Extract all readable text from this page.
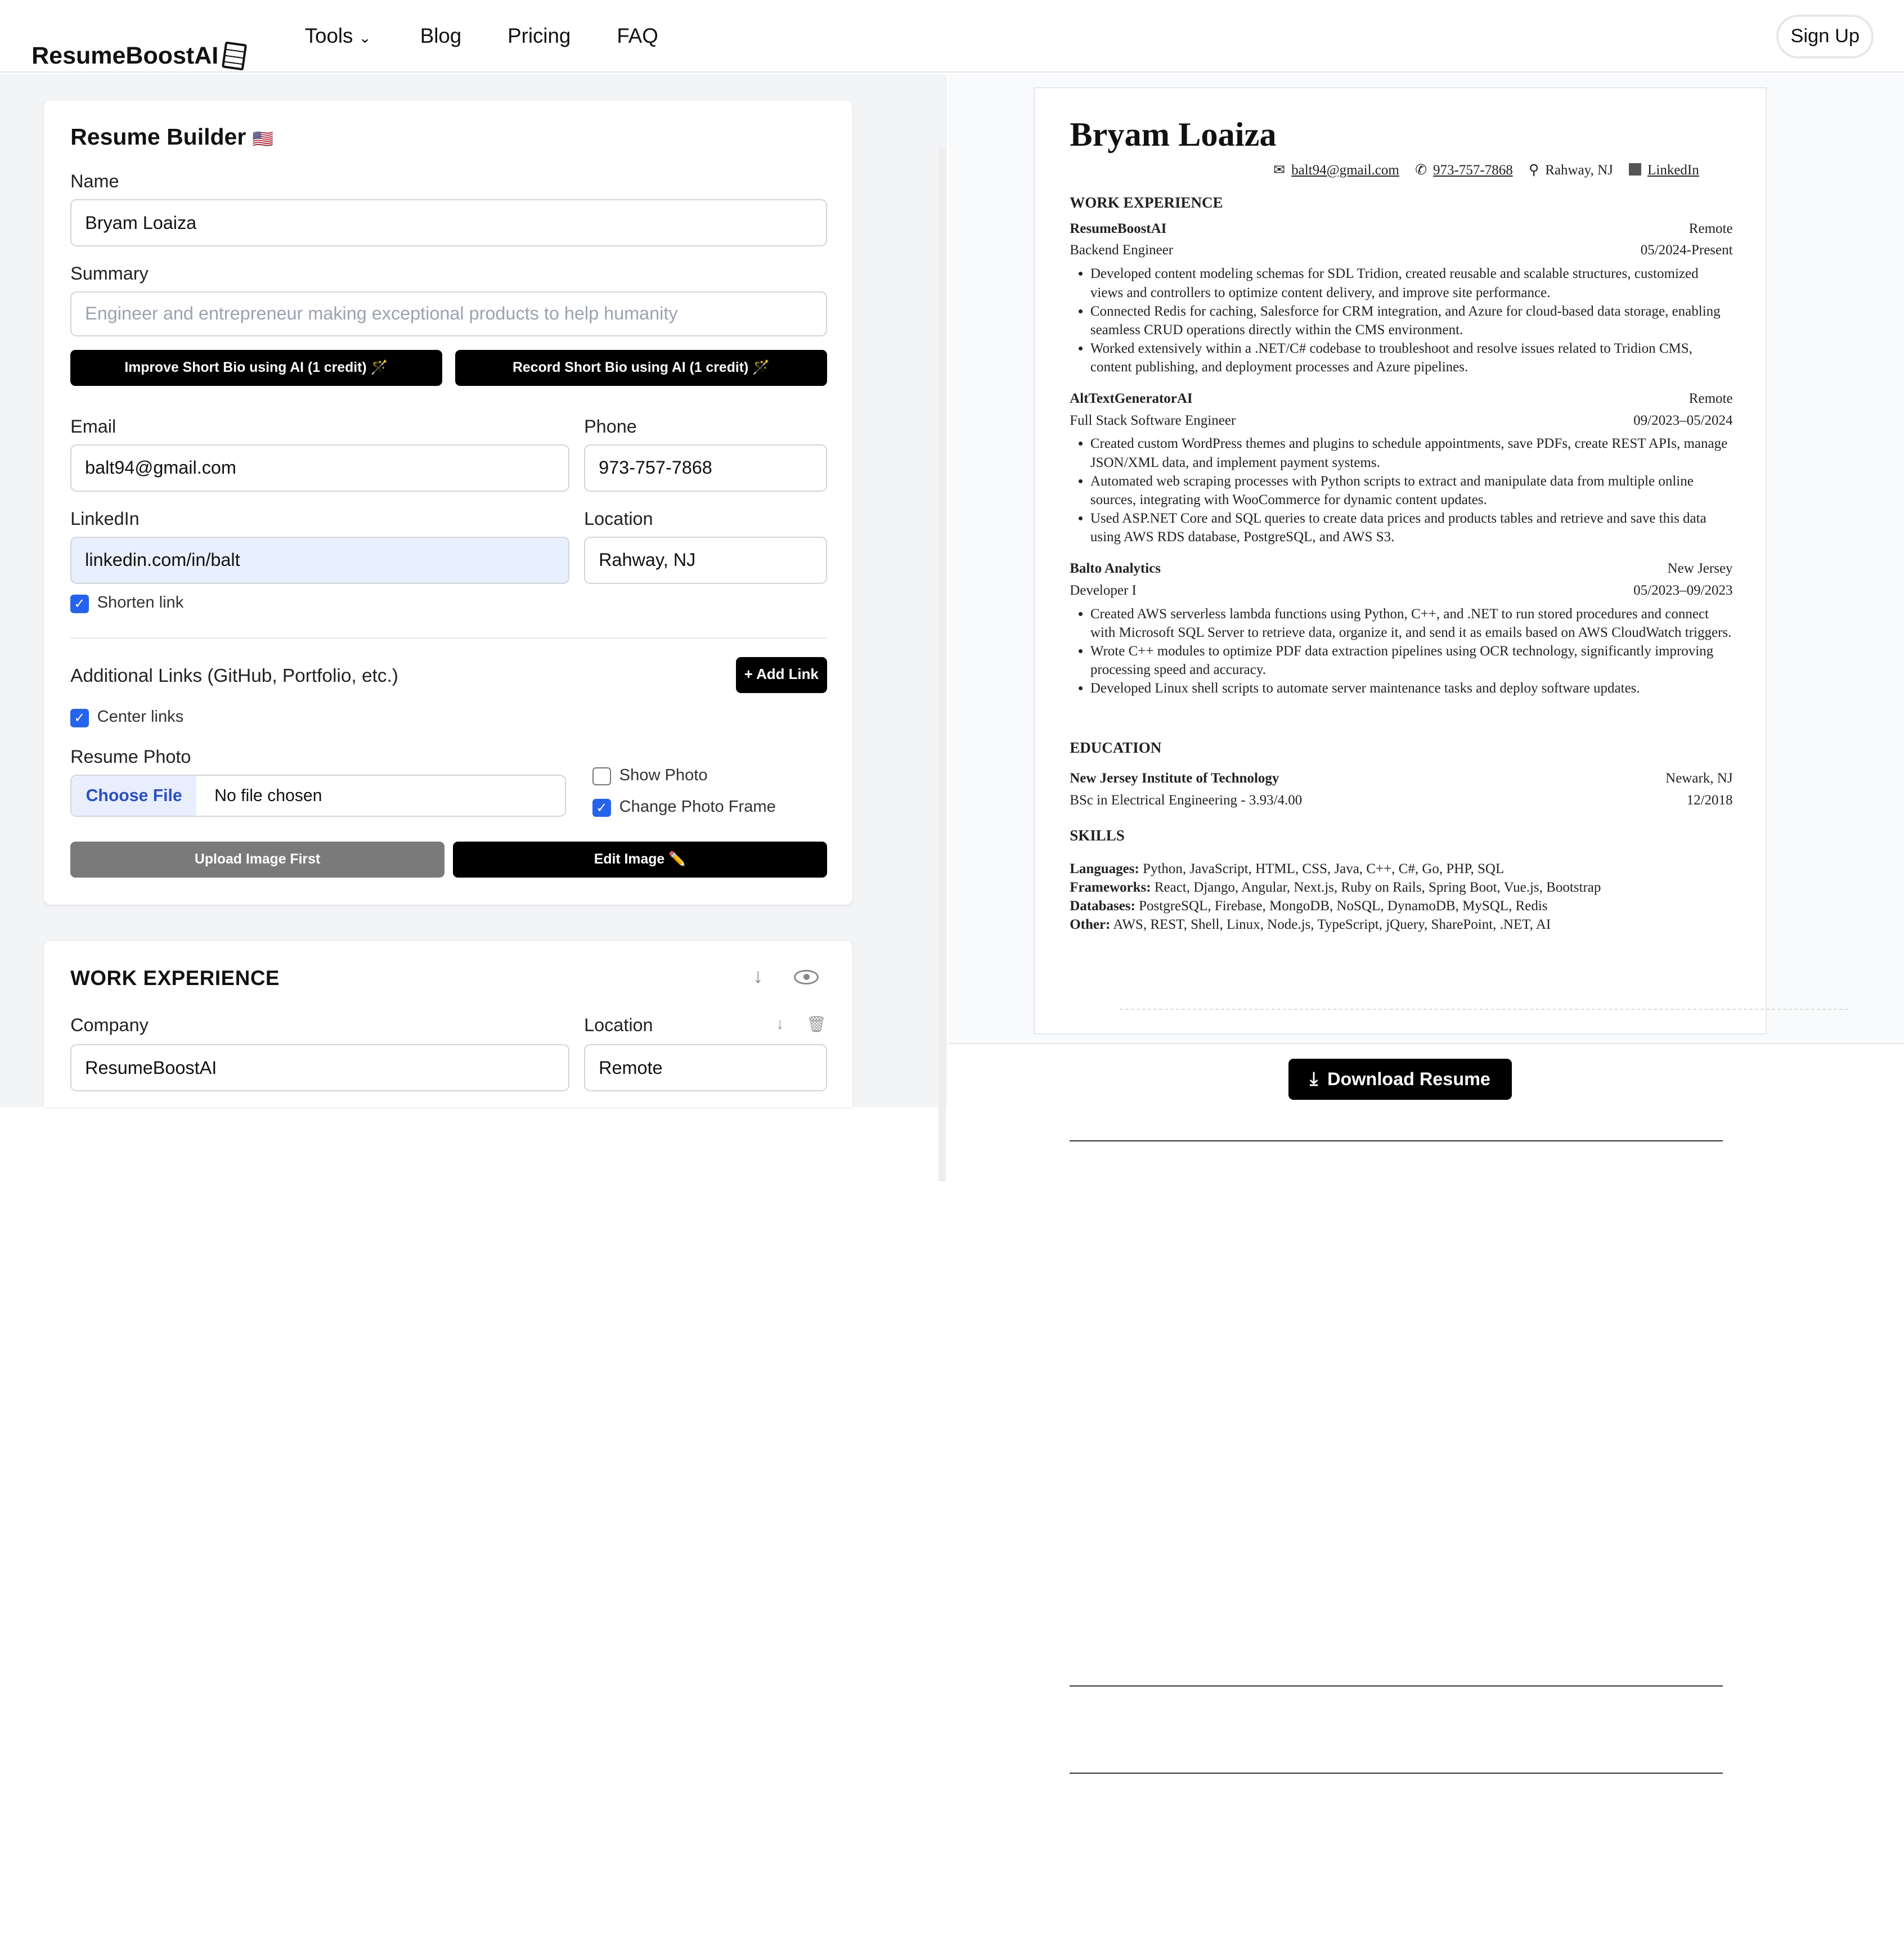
ResumeBoostAI
Tools ⌄	Blog	Pricing	FAQ	Sign Up
Resume Builder 🇺🇸
Name
Bryam Loaiza
Summary
Engineer and entrepreneur making exceptional products to help humanity
Improve Short Bio using AI (1 credit) 🪄	Record Short Bio using AI (1 credit) 🪄
Email
balt94@gmail.com
Phone
973-757-7868
LinkedIn
linkedin.com/in/balt
Location
Rahway, NJ
✓ Shorten link
Additional Links (GitHub, Portfolio, etc.)	+ Add Link
✓ Center links
Resume Photo
Choose File	No file chosen
Show Photo
✓ Change Photo Frame
Upload Image First	Edit Image ✏️
WORK EXPERIENCE	↓
Company	↓	🗑
Location
ResumeBoostAI	Remote
Bryam Loaiza
✉ balt94@gmail.com ✆ 973-757-7868 ⚲ Rahway, NJ LinkedIn
WORK EXPERIENCE
ResumeBoostAI	Remote
Backend Engineer	05/2024-Present
• Developed content modeling schemas for SDL Tridion, created reusable and scalable structures, customized views and controllers to optimize content delivery, and improve site performance.
• Connected Redis for caching, Salesforce for CRM integration, and Azure for cloud-based data storage, enabling seamless CRUD operations directly within the CMS environment.
• Worked extensively within a .NET/C# codebase to troubleshoot and resolve issues related to Tridion CMS, content publishing, and deployment processes and Azure pipelines.
AltTextGeneratorAI	Remote
Full Stack Software Engineer	09/2023–05/2024
• Created custom WordPress themes and plugins to schedule appointments, save PDFs, create REST APIs, manage JSON/XML data, and implement payment systems.
• Automated web scraping processes with Python scripts to extract and manipulate data from multiple online sources, integrating with WooCommerce for dynamic content updates.
• Used ASP.NET Core and SQL queries to create data prices and products tables and retrieve and save this data using AWS RDS database, PostgreSQL, and AWS S3.
Balto Analytics	New Jersey
Developer I	05/2023–09/2023
• Created AWS serverless lambda functions using Python, C++, and .NET to run stored procedures and connect with Microsoft SQL Server to retrieve data, organize it, and send it as emails based on AWS CloudWatch triggers.
• Wrote C++ modules to optimize PDF data extraction pipelines using OCR technology, significantly improving processing speed and accuracy.
• Developed Linux shell scripts to automate server maintenance tasks and deploy software updates.
EDUCATION
New Jersey Institute of Technology	Newark, NJ
BSc in Electrical Engineering - 3.93/4.00	12/2018
SKILLS
Languages: Python, JavaScript, HTML, CSS, Java, C++, C#, Go, PHP, SQL
Frameworks: React, Django, Angular, Next.js, Ruby on Rails, Spring Boot, Vue.js, Bootstrap
Databases: PostgreSQL, Firebase, MongoDB, NoSQL, DynamoDB, MySQL, Redis
Other: AWS, REST, Shell, Linux, Node.js, TypeScript, jQuery, SharePoint, .NET, AI
⤓ Download Resume
